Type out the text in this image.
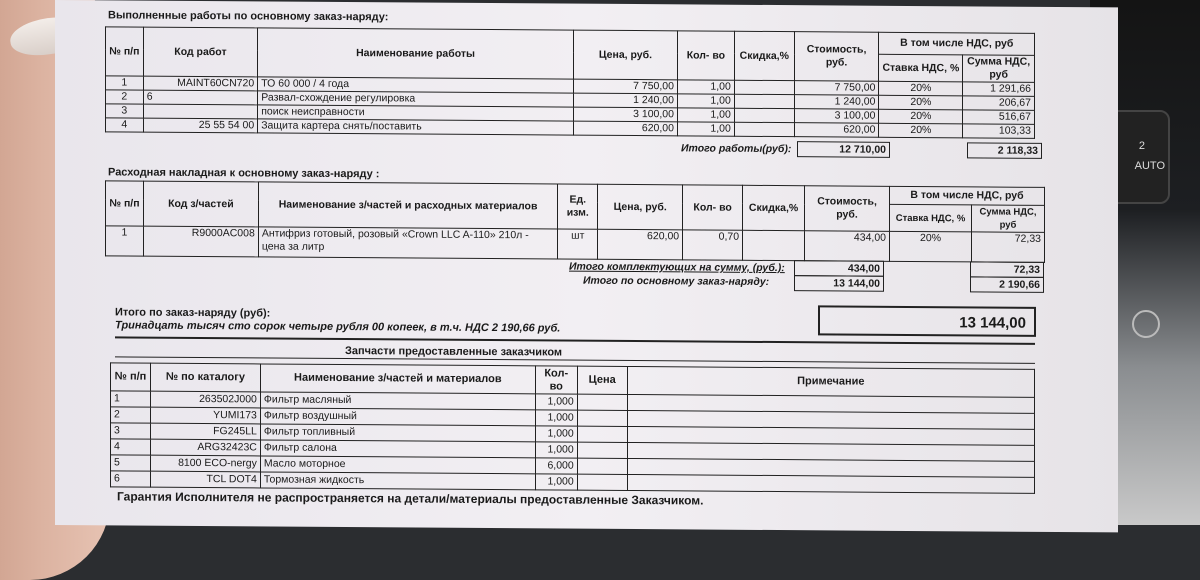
2
AUTO
Выполненные работы по основному заказ-наряду:
№ п/п	Код работ	Наименование работы	Цена, руб.	Кол- во	Скидка,%	Стоимость, руб.	В том числе НДС, руб	
							Ставка НДС, %	Сумма НДС, руб
1	MAINT60CN720	ТО 60 000 / 4 года	7 750,00	1,00		7 750,00	20%	1 291,66
2	6	Развал-схождение регулировка	1 240,00	1,00		1 240,00	20%	206,67
3		поиск неисправности	3 100,00	1,00		3 100,00	20%	516,67
4	25 55 54 00	Защита картера снять/поставить	620,00	1,00		620,00	20%	103,33
Итого работы(руб):	12 710,00	2 118,33
Расходная накладная к основному заказ-наряду :
№ п/п	Код з/частей	Наименование з/частей и расходных материалов	Ед. изм.	Цена, руб.	Кол- во	Скидка,%	Стоимость, руб.	В том числе НДС, руб	
								Ставка НДС, %	Сумма НДС, руб
1	R9000AC008	Антифриз готовый, розовый «Crown LLC A-110» 210л - цена за литр	шт	620,00	0,70		434,00	20%	72,33
Итого комплектующих на сумму, (руб.):	434,00	72,33
Итого по основному заказ-наряду:	13 144,00	2 190,66
Итого по заказ-наряду (руб):
Тринадцать тысяч сто сорок четыре рубля 00 копеек, в т.ч. НДС 2 190,66 руб.	13 144,00
Запчасти предоставленные заказчиком
№ п/п	№ по каталогу	Наименование з/частей и материалов	Кол- во	Цена	Примечание
1	263502J000	Фильтр масляный	1,000		
2	YUMI173	Фильтр воздушный	1,000		
3	FG245LL	Фильтр топливный	1,000		
4	ARG32423C	Фильтр салона	1,000		
5	8100 ECO-nergy	Масло моторное	6,000		
6	TCL DOT4	Тормозная жидкость	1,000		
Гарантия Исполнителя не распространяется на детали/материалы предоставленные Заказчиком.
